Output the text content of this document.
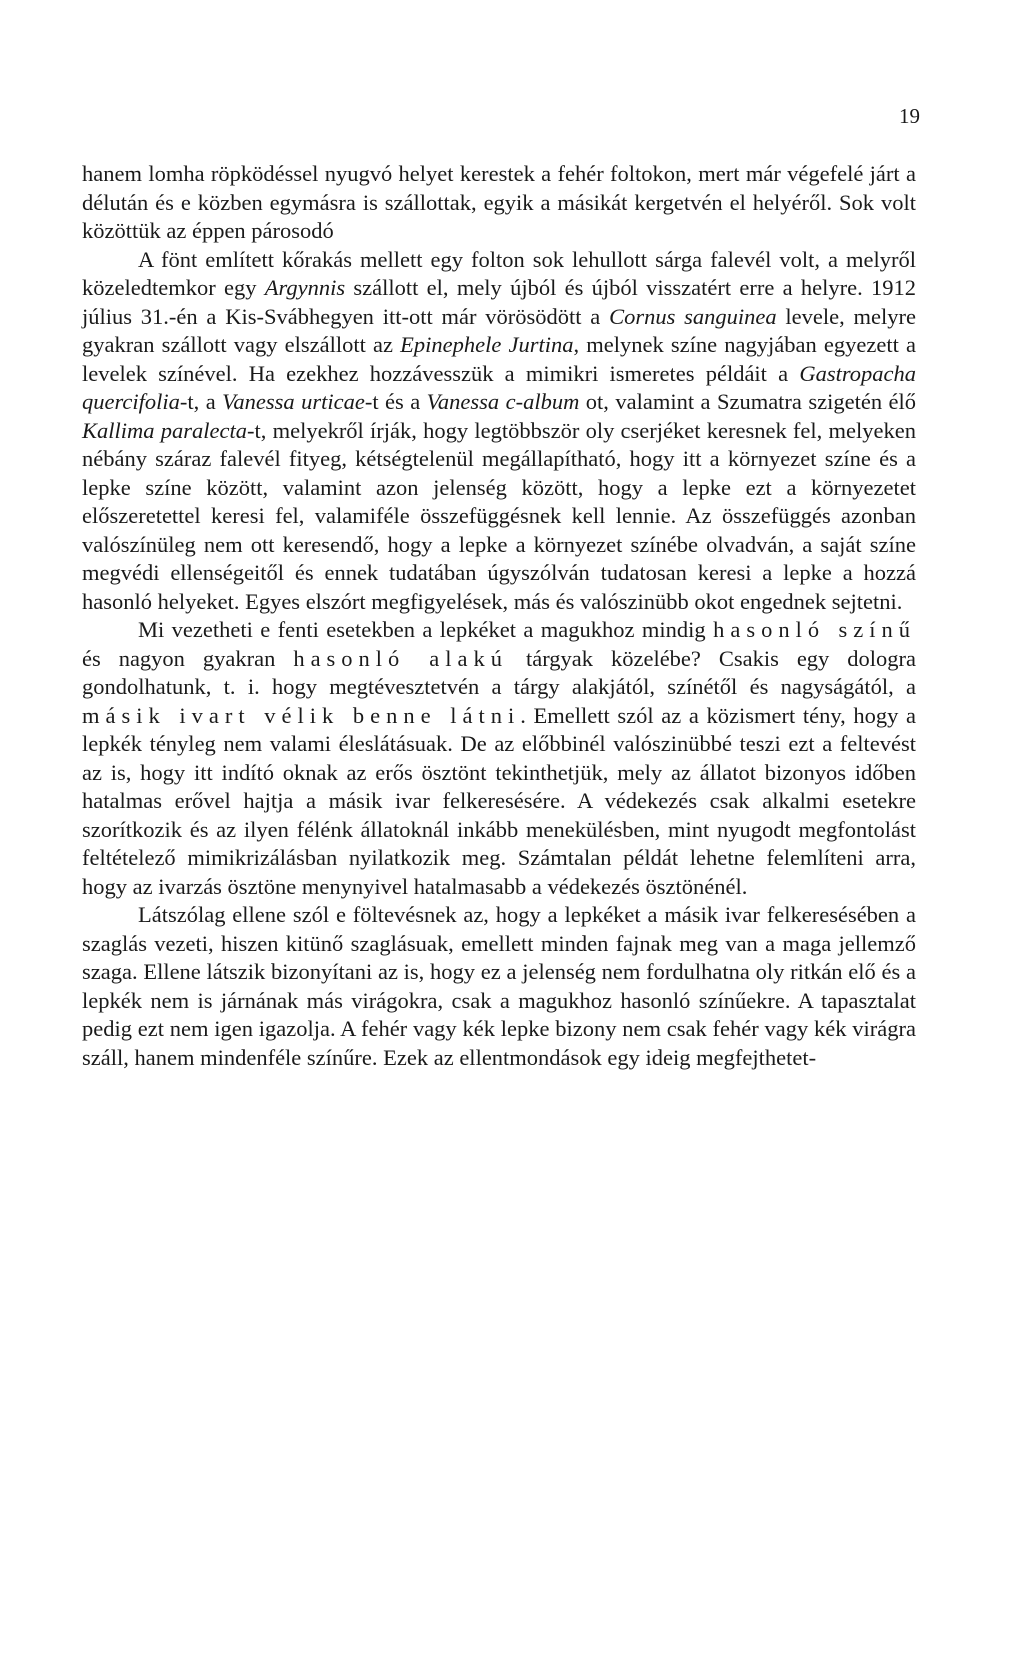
19

hanem lomha röpködéssel nyugvó helyet kerestek a fehér foltokon, mert már végefelé járt a délután és e közben egymásra is szállottak, egyik a másikát kergetvén el helyéről. Sok volt közöttük az éppen párosodó

A fönt említett kőrakás mellett egy folton sok lehullott sárga falevél volt, a melyről közeledtemkor egy Argynnis szállott el, mely újból és újból visszatért erre a helyre. 1912 július 31.-én a Kis-Svábhegyen itt-ott már vörösödött a Cornus sanguinea levele, melyre gyakran szállott vagy elszállott az Epinephele Jurtina, melynek színe nagyjában egyezett a levelek színével. Ha ezekhez hozzávesszük a mimikri ismeretes példáit a Gastropacha quercifolia-t, a Vanessa urticae-t és a Vanessa c-album ot, valamint a Szumatra szigetén élő Kallima paralecta-t, melyekről írják, hogy legtöbbször oly cserjéket keresnek fel, melyeken nébány száraz falevél fityeg, kétségtelenül megállapítható, hogy itt a környezet színe és a lepke színe között, valamint azon jelenség között, hogy a lepke ezt a környezetet előszeretettel keresi fel, valamiféle összefüggésnek kell lennie. Az összefüggés azonban valószínüleg nem ott keresendő, hogy a lepke a környezet színébe olvadván, a saját színe megvédi ellenségeitől és ennek tudatában úgyszólván tudatosan keresi a lepke a hozzá hasonló helyeket. Egyes elszórt megfigyelések, más és valószinübb okot engednek sejtetni.

Mi vezetheti e fenti esetekben a lepkéket a magukhoz mindig hasonló színű és nagyon gyakran hasonló alakú tárgyak közelébe? Csakis egy dologra gondolhatunk, t. i. hogy megtévesztetvén a tárgy alakjától, színétől és nagyságától, a másik ivart vélik benne látni. Emellett szól az a közismert tény, hogy a lepkék tényleg nem valami éleslátásuak. De az előbbinél valószinübbé teszi ezt a feltevést az is, hogy itt indító oknak az erős ösztönt tekinthetjük, mely az állatot bizonyos időben hatalmas erővel hajtja a másik ivar felkeresésére. A védekezés csak alkalmi esetekre szorítkozik és az ilyen félénk állatoknál inkább menekülésben, mint nyugodt megfontolást feltételező mimikrizálásban nyilatkozik meg. Számtalan példát lehetne felemlíteni arra, hogy az ivarzás ösztöne menynyivel hatalmasabb a védekezés ösztönénél.

Látszólag ellene szól e föltevésnek az, hogy a lepkéket a másik ivar felkeresésében a szaglás vezeti, hiszen kitünő szaglásuak, emellett minden fajnak meg van a maga jellemző szaga. Ellene látszik bizonyítani az is, hogy ez a jelenség nem fordulhatna oly ritkán elő és a lepkék nem is járnának más virágokra, csak a magukhoz hasonló színűekre. A tapasztalat pedig ezt nem igen igazolja. A fehér vagy kék lepke bizony nem csak fehér vagy kék virágra száll, hanem mindenféle színűre. Ezek az ellentmondások egy ideig megfejthetet-
